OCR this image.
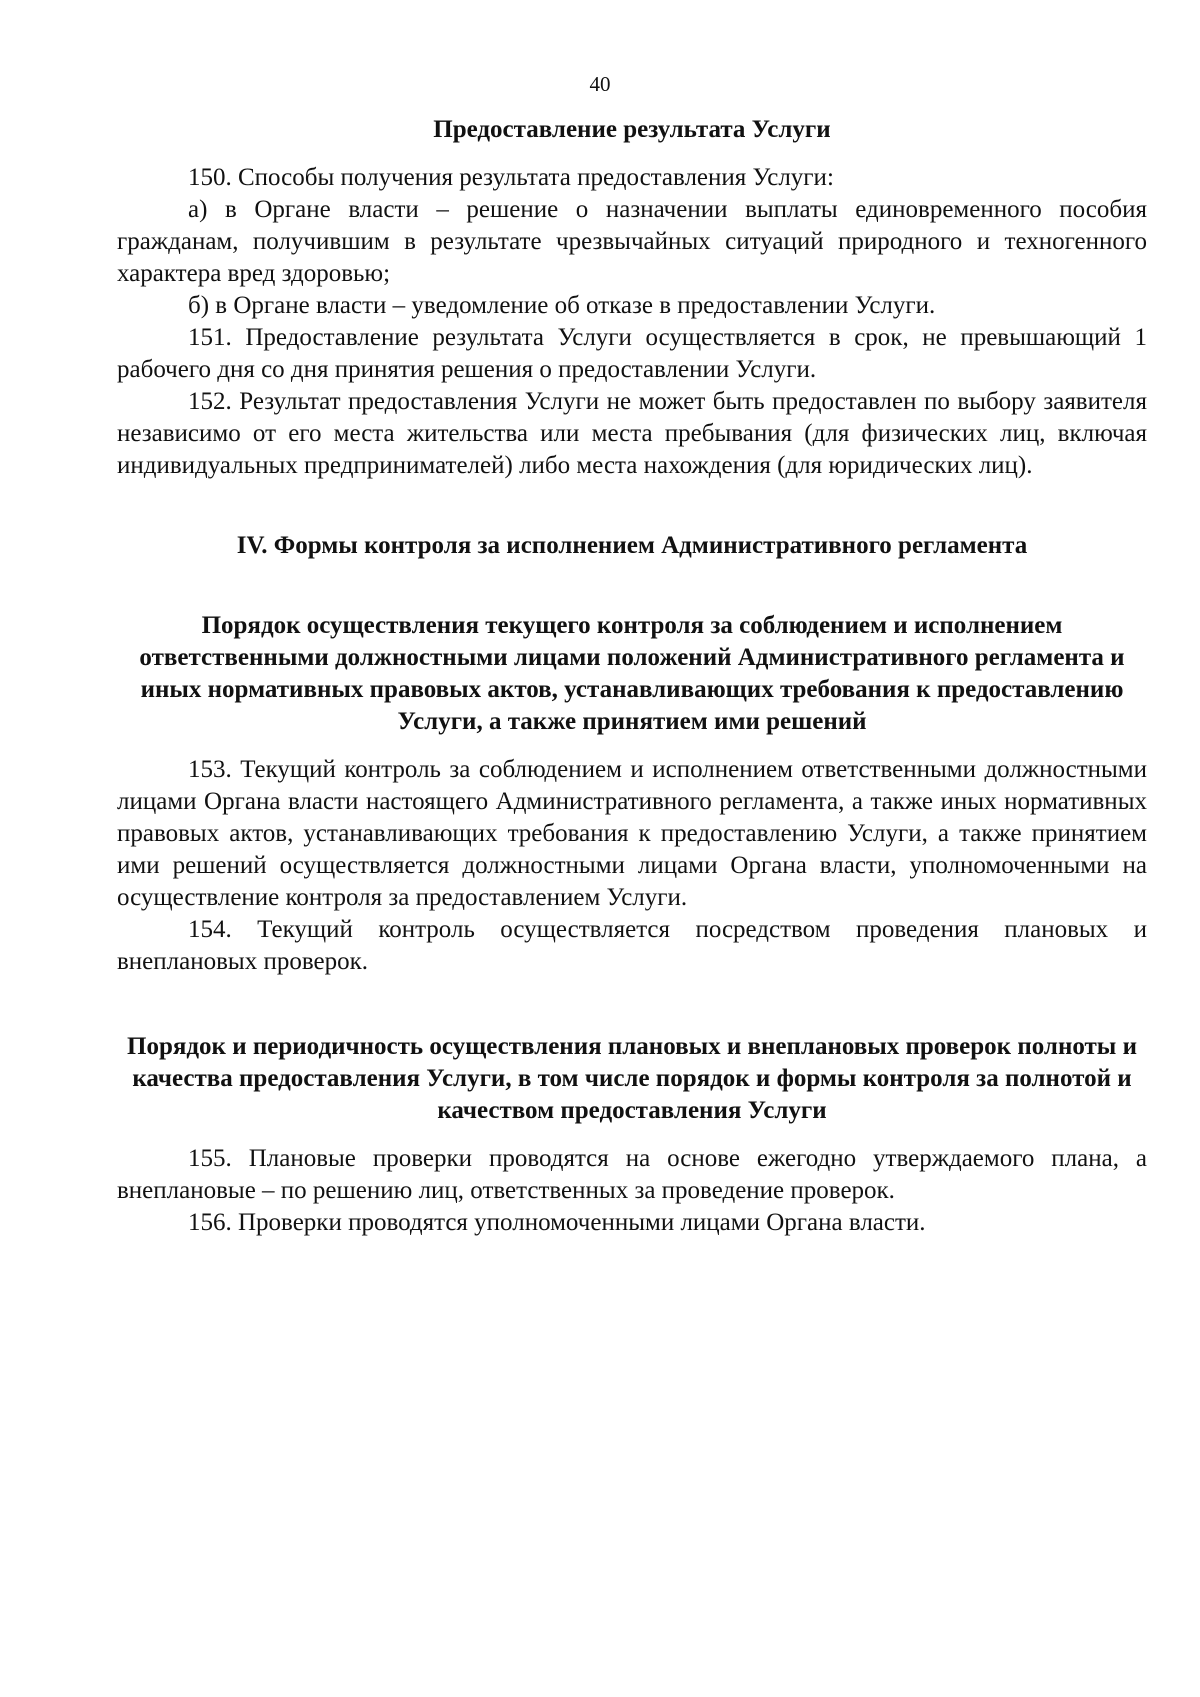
40
Предоставление результата Услуги

150. Способы получения результата предоставления Услуги:

а) в Органе власти – решение о назначении выплаты единовременного пособия гражданам, получившим в результате чрезвычайных ситуаций природного и техногенного характера вред здоровью;

б) в Органе власти – уведомление об отказе в предоставлении Услуги.

151. Предоставление результата Услуги осуществляется в срок, не превышающий 1 рабочего дня со дня принятия решения о предоставлении Услуги.

152. Результат предоставления Услуги не может быть предоставлен по выбору заявителя независимо от его места жительства или места пребывания (для физических лиц, включая индивидуальных предпринимателей) либо места нахождения (для юридических лиц).

IV. Формы контроля за исполнением Административного регламента
Порядок осуществления текущего контроля за соблюдением и исполнением ответственными должностными лицами положений Административного регламента и иных нормативных правовых актов, устанавливающих требования к предоставлению Услуги, а также принятием ими решений

153. Текущий контроль за соблюдением и исполнением ответственными должностными лицами Органа власти настоящего Административного регламента, а также иных нормативных правовых актов, устанавливающих требования к предоставлению Услуги, а также принятием ими решений осуществляется должностными лицами Органа власти, уполномоченными на осуществление контроля за предоставлением Услуги.

154. Текущий контроль осуществляется посредством проведения плановых и внеплановых проверок.

Порядок и периодичность осуществления плановых и внеплановых проверок полноты и качества предоставления Услуги, в том числе порядок и формы контроля за полнотой и качеством предоставления Услуги

155. Плановые проверки проводятся на основе ежегодно утверждаемого плана, а внеплановые – по решению лиц, ответственных за проведение проверок.

156. Проверки проводятся уполномоченными лицами Органа власти.
